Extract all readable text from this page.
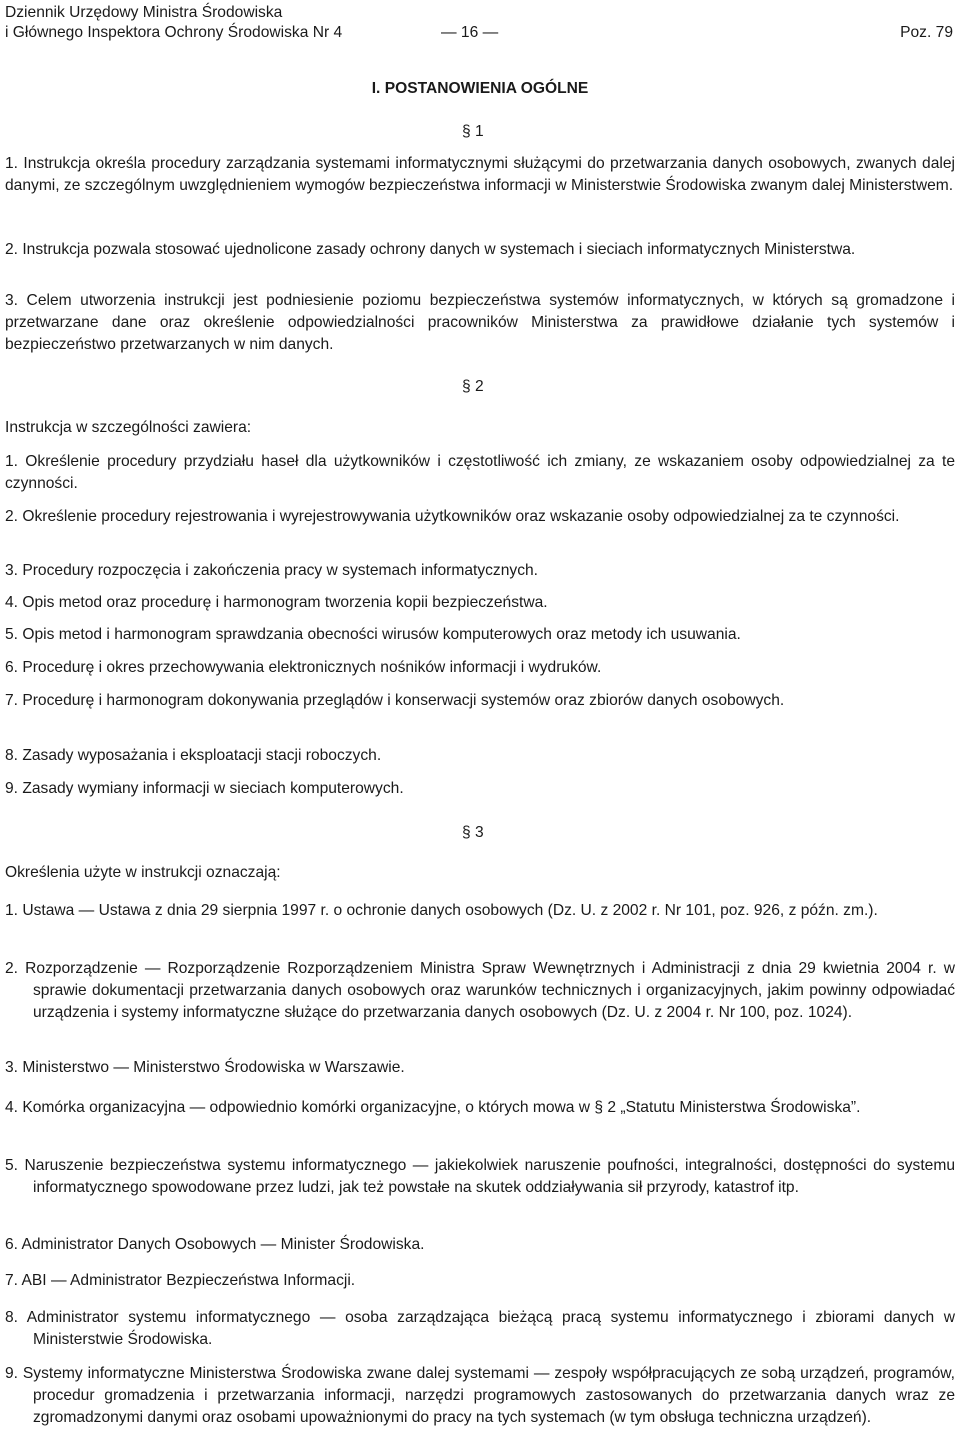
Dziennik Urzędowy Ministra Środowiska
i Głównego Inspektora Ochrony Środowiska Nr 4	— 16 —	Poz. 79
I. POSTANOWIENIA OGÓLNE
§ 1

1. Instrukcja określa procedury zarządzania systemami informatycznymi służącymi do przetwarzania danych osobowych, zwanych dalej danymi, ze szczególnym uwzględnieniem wymogów bezpieczeństwa informacji w Ministerstwie Środowiska zwanym dalej Ministerstwem.

2. Instrukcja pozwala stosować ujednolicone zasady ochrony danych w systemach i sieciach informatycznych Ministerstwa.

3. Celem utworzenia instrukcji jest podniesienie poziomu bezpieczeństwa systemów informatycznych, w których są gromadzone i przetwarzane dane oraz określenie odpowiedzialności pracowników Ministerstwa za prawidłowe działanie tych systemów i bezpieczeństwo przetwarzanych w nim danych.

§ 2

Instrukcja w szczególności zawiera:

1. Określenie procedury przydziału haseł dla użytkowników i częstotliwość ich zmiany, ze wskazaniem osoby odpowiedzialnej za te czynności.

2. Określenie procedury rejestrowania i wyrejestrowywania użytkowników oraz wskazanie osoby odpowiedzialnej za te czynności.

3. Procedury rozpoczęcia i zakończenia pracy w systemach informatycznych.

4. Opis metod oraz procedurę i harmonogram tworzenia kopii bezpieczeństwa.

5. Opis metod i harmonogram sprawdzania obecności wirusów komputerowych oraz metody ich usuwania.

6. Procedurę i okres przechowywania elektronicznych nośników informacji i wydruków.

7. Procedurę i harmonogram dokonywania przeglądów i konserwacji systemów oraz zbiorów danych osobowych.

8. Zasady wyposażania i eksploatacji stacji roboczych.

9. Zasady wymiany informacji w sieciach komputerowych.

§ 3

Określenia użyte w instrukcji oznaczają:

1. Ustawa — Ustawa z dnia 29 sierpnia 1997 r. o ochronie danych osobowych (Dz. U. z 2002 r. Nr 101, poz. 926, z późn. zm.).

2. Rozporządzenie — Rozporządzenie Rozporządzeniem Ministra Spraw Wewnętrznych i Administracji z dnia 29 kwietnia 2004 r. w sprawie dokumentacji przetwarzania danych osobowych oraz warunków technicznych i organizacyjnych, jakim powinny odpowiadać urządzenia i systemy informatyczne służące do przetwarzania danych osobowych (Dz. U. z 2004 r. Nr 100, poz. 1024).

3. Ministerstwo — Ministerstwo Środowiska w Warszawie.

4. Komórka organizacyjna — odpowiednio komórki organizacyjne, o których mowa w § 2 „Statutu Ministerstwa Środowiska”.

5. Naruszenie bezpieczeństwa systemu informatycznego — jakiekolwiek naruszenie poufności, integralności, dostępności do systemu informatycznego spowodowane przez ludzi, jak też powstałe na skutek oddziaływania sił przyrody, katastrof itp.

6. Administrator Danych Osobowych — Minister Środowiska.

7. ABI — Administrator Bezpieczeństwa Informacji.

8. Administrator systemu informatycznego — osoba zarządzająca bieżącą pracą systemu informatycznego i zbiorami danych w Ministerstwie Środowiska.

9. Systemy informatyczne Ministerstwa Środowiska zwane dalej systemami — zespoły współpracujących ze sobą urządzeń, programów, procedur gromadzenia i przetwarzania informacji, narzędzi programowych zastosowanych do przetwarzania danych wraz ze zgromadzonymi danymi oraz osobami upoważnionymi do pracy na tych systemach (w tym obsługa techniczna urządzeń).
